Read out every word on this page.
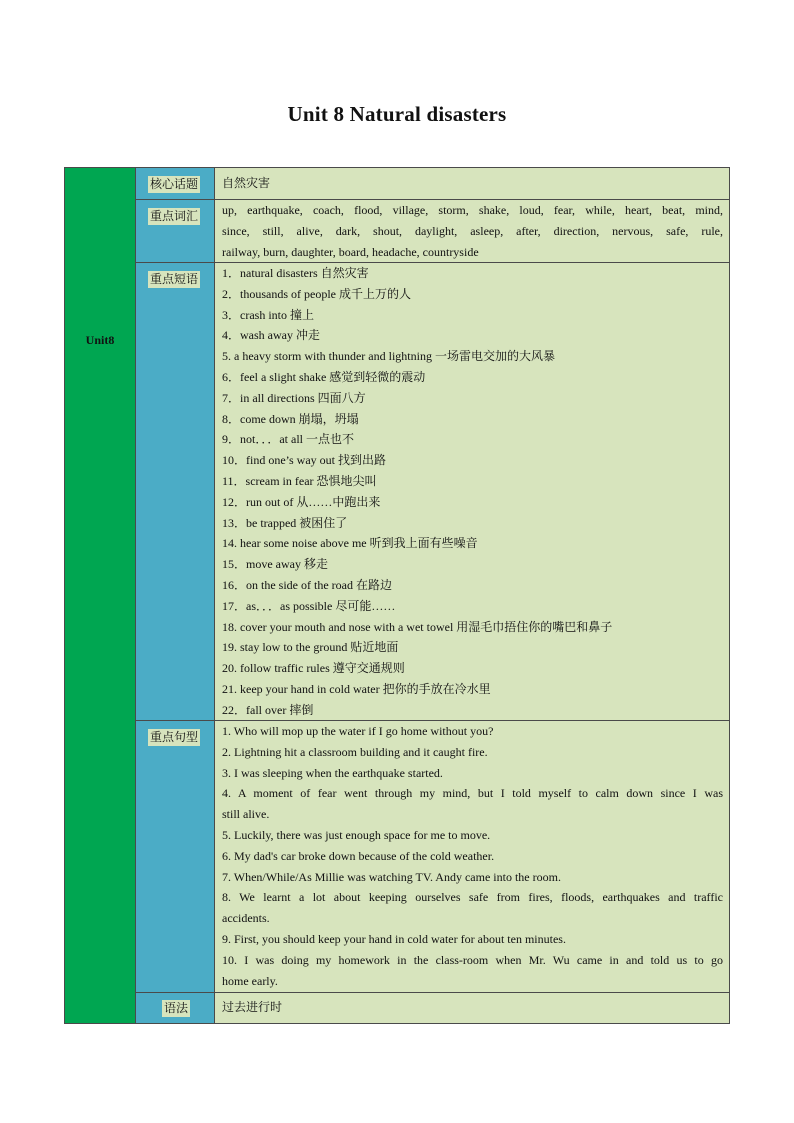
Unit 8 Natural disasters
Unit8
核心话题 自然灾害
重点词汇 up, earthquake, coach, flood, village, storm, shake, loud, fear, while, heart, beat, mind,
since, still, alive, dark, shout, daylight, asleep, after, direction, nervous, safe, rule,
railway, burn, daughter, board, headache, countryside
重点短语 1．natural disasters 自然灾害
2．thousands of people 成千上万的人
3．crash into 撞上
4．wash away 冲走
5. a heavy storm with thunder and lightning 一场雷电交加的大风暴
6．feel a slight shake 感觉到轻微的震动
7．in all directions 四面八方
8．come down 崩塌，坍塌
9．not．．．at all 一点也不
10．find one’s way out 找到出路
11．scream in fear 恐惧地尖叫
12．run out of 从……中跑出来
13．be trapped 被困住了
14. hear some noise above me 听到我上面有些噪音
15．move away 移走
16．on the side of the road 在路边
17．as．．．as possible 尽可能……
18. cover your mouth and nose with a wet towel 用湿毛巾捂住你的嘴巴和鼻子
19. stay low to the ground 贴近地面
20. follow traffic rules 遵守交通规则
21. keep your hand in cold water 把你的手放在冷水里
22．fall over 摔倒
重点句型 1. Who will mop up the water if I go home without you?
2. Lightning hit a classroom building and it caught fire.
3. I was sleeping when the earthquake started.
4. A moment of fear went through my mind, but I told myself to calm down since I was
still alive.
5. Luckily, there was just enough space for me to move.
6. My dad's car broke down because of the cold weather.
7. When/While/As Millie was watching TV. Andy came into the room.
8. We learnt a lot about keeping ourselves safe from fires, floods, earthquakes and traffic
accidents.
9. First, you should keep your hand in cold water for about ten minutes.
10. I was doing my homework in the class-room when Mr. Wu came in and told us to go
home early.
语法	过去进行时
